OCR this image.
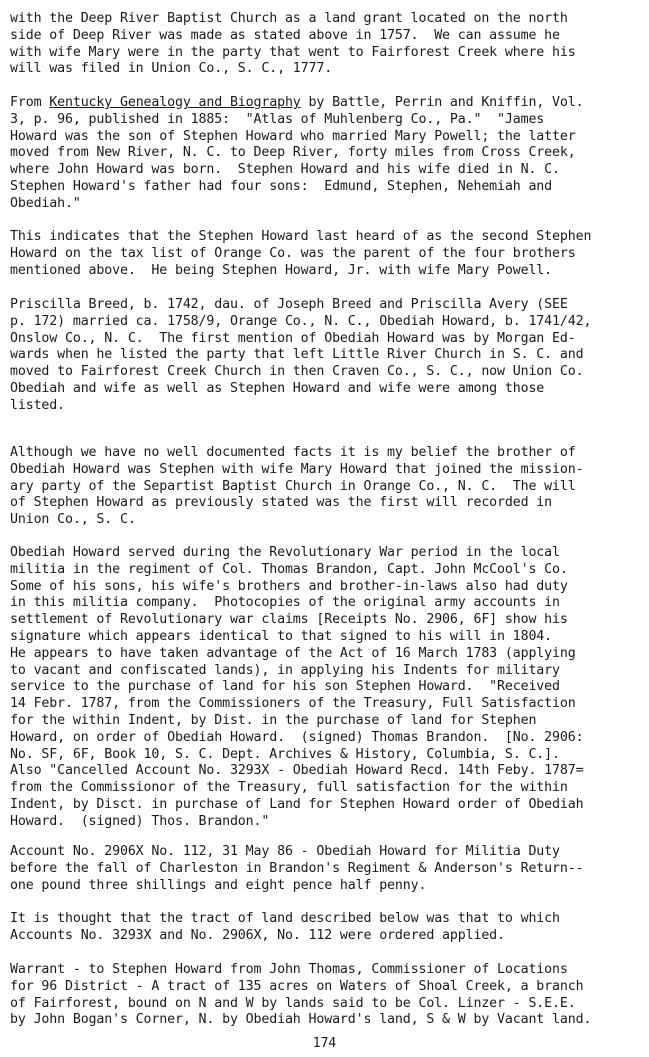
with the Deep River Baptist Church as a land grant located on the north
side of Deep River was made as stated above in 1757.  We can assume he
with wife Mary were in the party that went to Fairforest Creek where his
will was filed in Union Co., S. C., 1777.
From Kentucky Genealogy and Biography by Battle, Perrin and Kniffin, Vol.
3, p. 96, published in 1885:  "Atlas of Muhlenberg Co., Pa."  "James
Howard was the son of Stephen Howard who married Mary Powell; the latter
moved from New River, N. C. to Deep River, forty miles from Cross Creek,
where John Howard was born.  Stephen Howard and his wife died in N. C.
Stephen Howard's father had four sons:  Edmund, Stephen, Nehemiah and
Obediah."
This indicates that the Stephen Howard last heard of as the second Stephen
Howard on the tax list of Orange Co. was the parent of the four brothers
mentioned above.  He being Stephen Howard, Jr. with wife Mary Powell.
Priscilla Breed, b. 1742, dau. of Joseph Breed and Priscilla Avery (SEE
p. 172) married ca. 1758/9, Orange Co., N. C., Obediah Howard, b. 1741/42,
Onslow Co., N. C.  The first mention of Obediah Howard was by Morgan Ed-
wards when he listed the party that left Little River Church in S. C. and
moved to Fairforest Creek Church in then Craven Co., S. C., now Union Co.
Obediah and wife as well as Stephen Howard and wife were among those
listed.
Although we have no well documented facts it is my belief the brother of
Obediah Howard was Stephen with wife Mary Howard that joined the mission-
ary party of the Separtist Baptist Church in Orange Co., N. C.  The will
of Stephen Howard as previously stated was the first will recorded in
Union Co., S. C.
Obediah Howard served during the Revolutionary War period in the local
militia in the regiment of Col. Thomas Brandon, Capt. John McCool's Co.
Some of his sons, his wife's brothers and brother-in-laws also had duty
in this militia company.  Photocopies of the original army accounts in
settlement of Revolutionary war claims [Receipts No. 2906, 6F] show his
signature which appears identical to that signed to his will in 1804.
He appears to have taken advantage of the Act of 16 March 1783 (applying
to vacant and confiscated lands), in applying his Indents for military
service to the purchase of land for his son Stephen Howard.  "Received
14 Febr. 1787, from the Commissioners of the Treasury, Full Satisfaction
for the within Indent, by Dist. in the purchase of land for Stephen
Howard, on order of Obediah Howard.  (signed) Thomas Brandon.  [No. 2906:
No. SF, 6F, Book 10, S. C. Dept. Archives & History, Columbia, S. C.].
Also "Cancelled Account No. 3293X - Obediah Howard Recd. 14th Feby. 1787=
from the Commissionor of the Treasury, full satisfaction for the within
Indent, by Disct. in purchase of Land for Stephen Howard order of Obediah
Howard.  (signed) Thos. Brandon."
Account No. 2906X No. 112, 31 May 86 - Obediah Howard for Militia Duty
before the fall of Charleston in Brandon's Regiment & Anderson's Return--
one pound three shillings and eight pence half penny.
It is thought that the tract of land described below was that to which
Accounts No. 3293X and No. 2906X, No. 112 were ordered applied.
Warrant - to Stephen Howard from John Thomas, Commissioner of Locations
for 96 District - A tract of 135 acres on Waters of Shoal Creek, a branch
of Fairforest, bound on N and W by lands said to be Col. Linzer - S.E.E.
by John Bogan's Corner, N. by Obediah Howard's land, S & W by Vacant land.
174
